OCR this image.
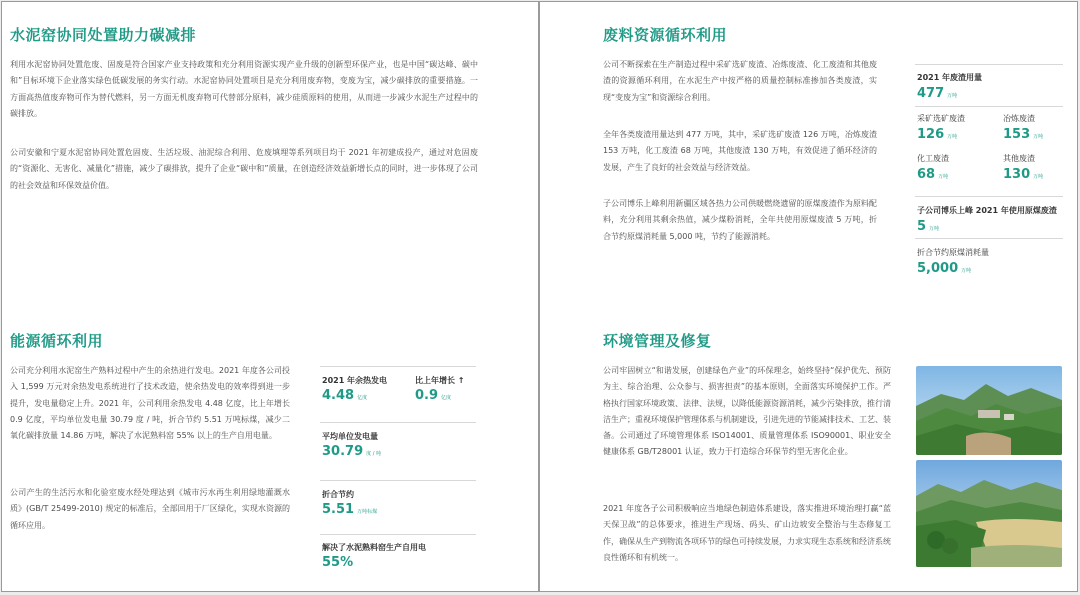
水泥窑协同处置助力碳减排
利用水泥窑协同处置危废、固废是符合国家产业支持政策和充分利用资源实现产业升级的创新型环保产业，也是中国“碳达峰、碳中和”目标环境下企业落实绿色低碳发展的务实行动。水泥窑协同处置项目是充分利用废弃物，变废为宝，减少碳排放的重要措施。一方面高热值废弃物可作为替代燃料，另一方面无机废弃物可代替部分原料，减少硅质原料的使用，从而进一步减少水泥生产过程中的碳排放。
公司安徽和宁夏水泥窑协同处置危固废、生活垃圾、油泥综合利用、危废填埋等系列项目均于 2021 年初建成投产，通过对危固废的“资源化、无害化、减量化”措施，减少了碳排放，提升了企业“碳中和”质量，在创造经济效益新增长点的同时，进一步体现了公司的社会效益和环保效益价值。
能源循环利用
公司充分利用水泥窑生产熟料过程中产生的余热进行发电。2021 年度各公司投入 1,599 万元对余热发电系统进行了技术改造，使余热发电的效率得到进一步提升，发电量稳定上升。2021 年，公司利用余热发电 4.48 亿度，比上年增长 0.9 亿度，平均单位发电量 30.79 度 / 吨，折合节约 5.51 万吨标煤，减少二氧化碳排放量 14.86 万吨，解决了水泥熟料窑 55% 以上的生产自用电量。
公司产生的生活污水和化验室废水经处理达到《城市污水再生利用绿地灌溉水质》(GB/T 25499-2010) 规定的标准后，全部回用于厂区绿化，实现水资源的循环应用。
2021 年余热发电
4.48 亿度
比上年增长 ↑
0.9 亿度
平均单位发电量
30.79 度 / 吨
折合节约
5.51 万吨标煤
解决了水泥熟料窑生产自用电
55%
废料资源循环利用
公司不断探索在生产制造过程中采矿选矿废渣、冶炼废渣、化工废渣和其他废渣的资源循环利用，在水泥生产中按严格的质量控制标准掺加各类废渣，实现“变废为宝”和资源综合利用。
全年各类废渣用量达到 477 万吨，其中，采矿选矿废渣 126 万吨，冶炼废渣 153 万吨，化工废渣 68 万吨，其他废渣 130 万吨，有效促进了循环经济的发展，产生了良好的社会效益与经济效益。
子公司博乐上峰利用新疆区域各热力公司供暖燃烧遗留的原煤废渣作为原料配料，充分利用其剩余热值，减少煤粉消耗，全年共使用原煤废渣 5 万吨，折合节约原煤消耗量 5,000 吨，节约了能源消耗。
2021 年废渣用量
477 万吨
采矿选矿废渣
126 万吨
冶炼废渣
153 万吨
化工废渣
68 万吨
其他废渣
130 万吨
子公司博乐上峰 2021 年使用原煤废渣
5 万吨
折合节约原煤消耗量
5,000 万吨
环境管理及修复
公司牢固树立“和谐发展，创建绿色产业”的环保理念，始终坚持“保护优先、预防为主、综合治理、公众参与、损害担责”的基本原则，全面落实环境保护工作。严格执行国家环境政策、法律、法规，以降低能源资源消耗，减少污染排放，推行清洁生产；重视环境保护管理体系与机制建设，引进先进的节能减排技术、工艺、装备。公司通过了环境管理体系 ISO14001、质量管理体系 ISO90001、职业安全健康体系 GB/T28001 认证，致力于打造综合环保节约型无害化企业。
2021 年度各子公司积极响应当地绿色制造体系建设，落实推进环境治理打赢“蓝天保卫战”的总体要求，推进生产现场、码头、矿山边坡安全整治与生态修复工作，确保从生产到物流各项环节的绿色可持续发展，力求实现生态系统和经济系统良性循环和有机统一。
